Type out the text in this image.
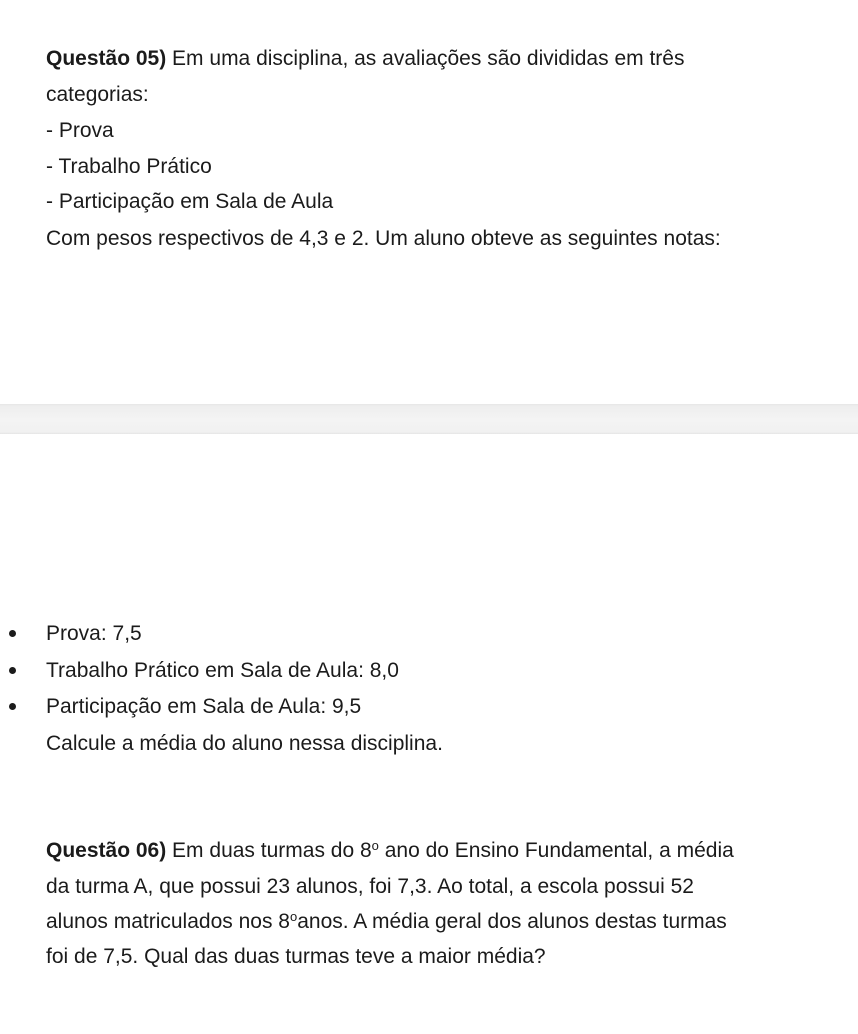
Questão 05) Em uma disciplina, as avaliações são divididas em três
categorias:
- Prova
- Trabalho Prático
- Participação em Sala de Aula
Com pesos respectivos de 4,3 e 2. Um aluno obteve as seguintes notas:
Prova: 7,5
Trabalho Prático em Sala de Aula: 8,0
Participação em Sala de Aula: 9,5
Calcule a média do aluno nessa disciplina.
Questão 06) Em duas turmas do 8$^o$ ano do Ensino Fundamental, a média
da turma A, que possui 23 alunos, foi 7,3. Ao total, a escola possui 52
alunos matriculados nos 8$^o$anos. A média geral dos alunos destas turmas
foi de 7,5. Qual das duas turmas teve a maior média?
